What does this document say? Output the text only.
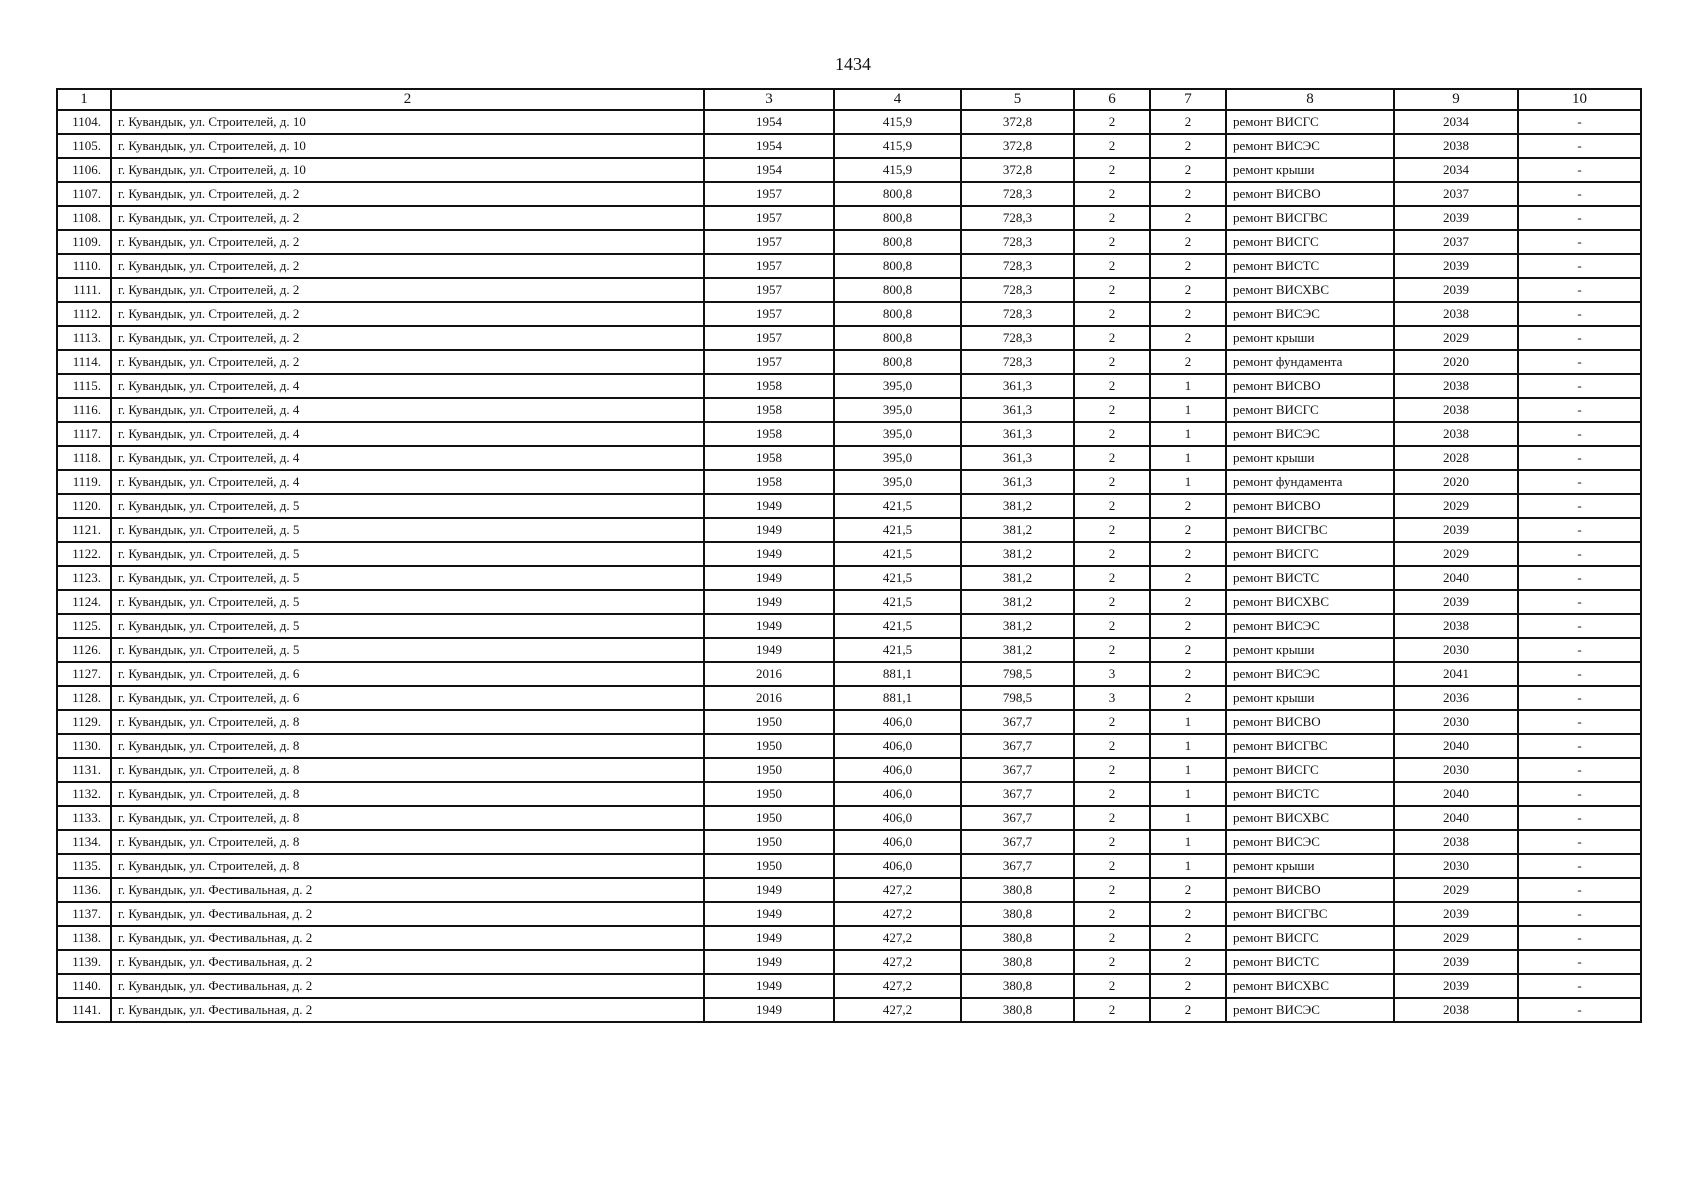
1434
1	2	3	4	5	6	7	8	9	10
1104.	г. Кувандык, ул. Строителей, д. 10	1954	415,9	372,8	2	2	ремонт ВИСГС	2034	-
1105.	г. Кувандык, ул. Строителей, д. 10	1954	415,9	372,8	2	2	ремонт ВИСЭС	2038	-
1106.	г. Кувандык, ул. Строителей, д. 10	1954	415,9	372,8	2	2	ремонт крыши	2034	-
1107.	г. Кувандык, ул. Строителей, д. 2	1957	800,8	728,3	2	2	ремонт ВИСВО	2037	-
1108.	г. Кувандык, ул. Строителей, д. 2	1957	800,8	728,3	2	2	ремонт ВИСГВС	2039	-
1109.	г. Кувандык, ул. Строителей, д. 2	1957	800,8	728,3	2	2	ремонт ВИСГС	2037	-
1110.	г. Кувандык, ул. Строителей, д. 2	1957	800,8	728,3	2	2	ремонт ВИСТС	2039	-
1111.	г. Кувандык, ул. Строителей, д. 2	1957	800,8	728,3	2	2	ремонт ВИСХВС	2039	-
1112.	г. Кувандык, ул. Строителей, д. 2	1957	800,8	728,3	2	2	ремонт ВИСЭС	2038	-
1113.	г. Кувандык, ул. Строителей, д. 2	1957	800,8	728,3	2	2	ремонт крыши	2029	-
1114.	г. Кувандык, ул. Строителей, д. 2	1957	800,8	728,3	2	2	ремонт фундамента	2020	-
1115.	г. Кувандык, ул. Строителей, д. 4	1958	395,0	361,3	2	1	ремонт ВИСВО	2038	-
1116.	г. Кувандык, ул. Строителей, д. 4	1958	395,0	361,3	2	1	ремонт ВИСГС	2038	-
1117.	г. Кувандык, ул. Строителей, д. 4	1958	395,0	361,3	2	1	ремонт ВИСЭС	2038	-
1118.	г. Кувандык, ул. Строителей, д. 4	1958	395,0	361,3	2	1	ремонт крыши	2028	-
1119.	г. Кувандык, ул. Строителей, д. 4	1958	395,0	361,3	2	1	ремонт фундамента	2020	-
1120.	г. Кувандык, ул. Строителей, д. 5	1949	421,5	381,2	2	2	ремонт ВИСВО	2029	-
1121.	г. Кувандык, ул. Строителей, д. 5	1949	421,5	381,2	2	2	ремонт ВИСГВС	2039	-
1122.	г. Кувандык, ул. Строителей, д. 5	1949	421,5	381,2	2	2	ремонт ВИСГС	2029	-
1123.	г. Кувандык, ул. Строителей, д. 5	1949	421,5	381,2	2	2	ремонт ВИСТС	2040	-
1124.	г. Кувандык, ул. Строителей, д. 5	1949	421,5	381,2	2	2	ремонт ВИСХВС	2039	-
1125.	г. Кувандык, ул. Строителей, д. 5	1949	421,5	381,2	2	2	ремонт ВИСЭС	2038	-
1126.	г. Кувандык, ул. Строителей, д. 5	1949	421,5	381,2	2	2	ремонт крыши	2030	-
1127.	г. Кувандык, ул. Строителей, д. 6	2016	881,1	798,5	3	2	ремонт ВИСЭС	2041	-
1128.	г. Кувандык, ул. Строителей, д. 6	2016	881,1	798,5	3	2	ремонт крыши	2036	-
1129.	г. Кувандык, ул. Строителей, д. 8	1950	406,0	367,7	2	1	ремонт ВИСВО	2030	-
1130.	г. Кувандык, ул. Строителей, д. 8	1950	406,0	367,7	2	1	ремонт ВИСГВС	2040	-
1131.	г. Кувандык, ул. Строителей, д. 8	1950	406,0	367,7	2	1	ремонт ВИСГС	2030	-
1132.	г. Кувандык, ул. Строителей, д. 8	1950	406,0	367,7	2	1	ремонт ВИСТС	2040	-
1133.	г. Кувандык, ул. Строителей, д. 8	1950	406,0	367,7	2	1	ремонт ВИСХВС	2040	-
1134.	г. Кувандык, ул. Строителей, д. 8	1950	406,0	367,7	2	1	ремонт ВИСЭС	2038	-
1135.	г. Кувандык, ул. Строителей, д. 8	1950	406,0	367,7	2	1	ремонт крыши	2030	-
1136.	г. Кувандык, ул. Фестивальная, д. 2	1949	427,2	380,8	2	2	ремонт ВИСВО	2029	-
1137.	г. Кувандык, ул. Фестивальная, д. 2	1949	427,2	380,8	2	2	ремонт ВИСГВС	2039	-
1138.	г. Кувандык, ул. Фестивальная, д. 2	1949	427,2	380,8	2	2	ремонт ВИСГС	2029	-
1139.	г. Кувандык, ул. Фестивальная, д. 2	1949	427,2	380,8	2	2	ремонт ВИСТС	2039	-
1140.	г. Кувандык, ул. Фестивальная, д. 2	1949	427,2	380,8	2	2	ремонт ВИСХВС	2039	-
1141.	г. Кувандык, ул. Фестивальная, д. 2	1949	427,2	380,8	2	2	ремонт ВИСЭС	2038	-
